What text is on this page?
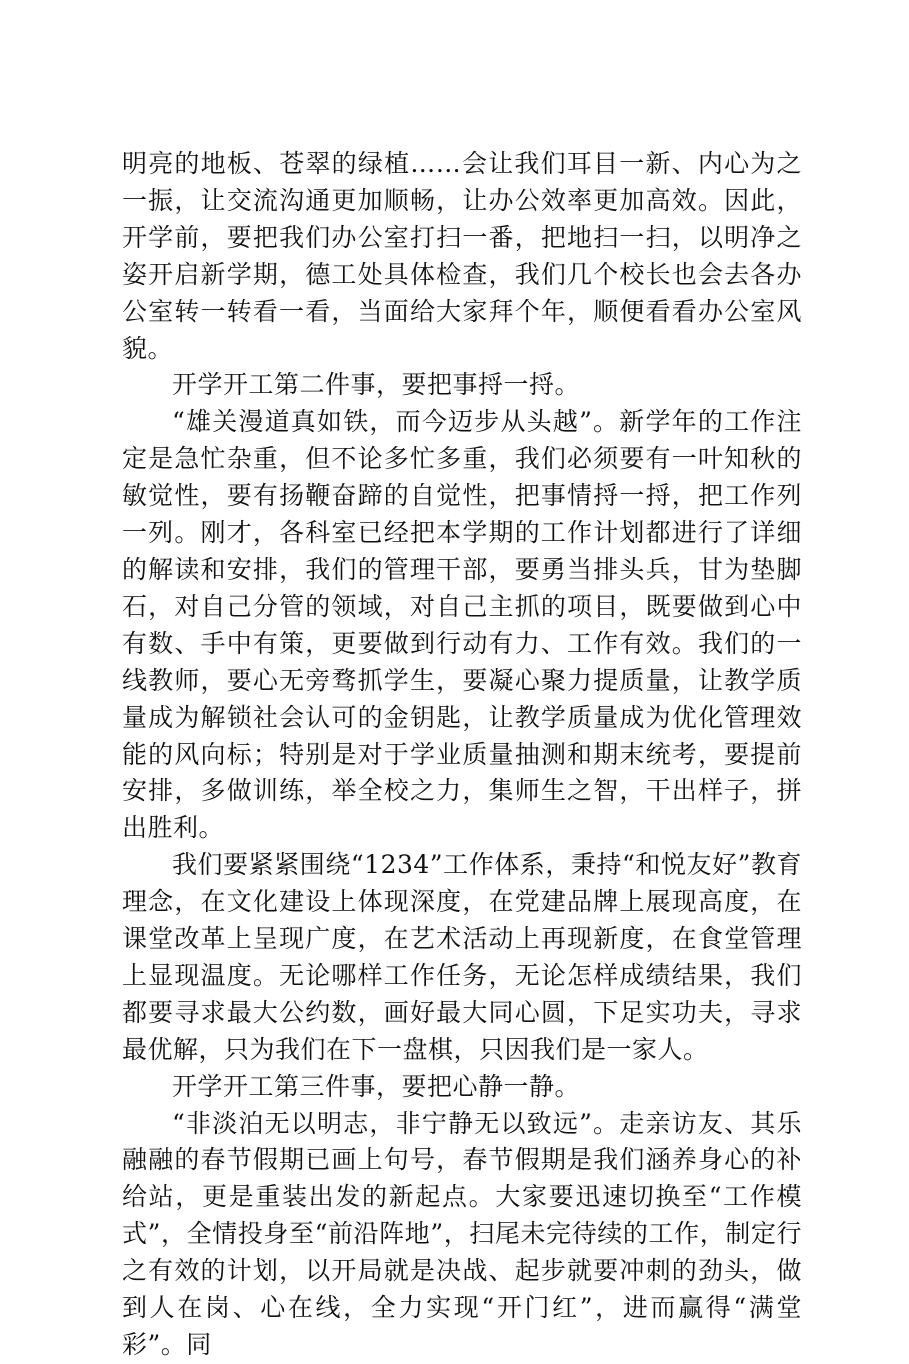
明亮的地板、苍翠的绿植……会让我们耳目一新、内心为之一振，让交流沟通更加顺畅，让办公效率更加高效。因此，开学前，要把我们办公室打扫一番，把地扫一扫，以明净之姿开启新学期，德工处具体检查，我们几个校长也会去各办公室转一转看一看，当面给大家拜个年，顺便看看办公室风貌。

开学开工第二件事，要把事捋一捋。

“雄关漫道真如铁，而今迈步从头越”。新学年的工作注定是急忙杂重，但不论多忙多重，我们必须要有一叶知秋的敏觉性，要有扬鞭奋蹄的自觉性，把事情捋一捋，把工作列一列。刚才，各科室已经把本学期的工作计划都进行了详细的解读和安排，我们的管理干部，要勇当排头兵，甘为垫脚石，对自己分管的领域，对自己主抓的项目，既要做到心中有数、手中有策，更要做到行动有力、工作有效。我们的一线教师，要心无旁骛抓学生，要凝心聚力提质量，让教学质量成为解锁社会认可的金钥匙，让教学质量成为优化管理效能的风向标；特别是对于学业质量抽测和期末统考，要提前安排，多做训练，举全校之力，集师生之智，干出样子，拼出胜利。

我们要紧紧围绕“1234”工作体系，秉持“和悦友好”教育理念，在文化建设上体现深度，在党建品牌上展现高度，在课堂改革上呈现广度，在艺术活动上再现新度，在食堂管理上显现温度。无论哪样工作任务，无论怎样成绩结果，我们都要寻求最大公约数，画好最大同心圆，下足实功夫，寻求最优解，只为我们在下一盘棋，只因我们是一家人。

开学开工第三件事，要把心静一静。

“非淡泊无以明志，非宁静无以致远”。走亲访友、其乐融融的春节假期已画上句号，春节假期是我们涵养身心的补给站，更是重装出发的新起点。大家要迅速切换至“工作模式”，全情投身至“前沿阵地”，扫尾未完待续的工作，制定行之有效的计划，以开局就是决战、起步就要冲刺的劲头，做到人在岗、心在线，全力实现“开门红”，进而赢得“满堂彩”。同
